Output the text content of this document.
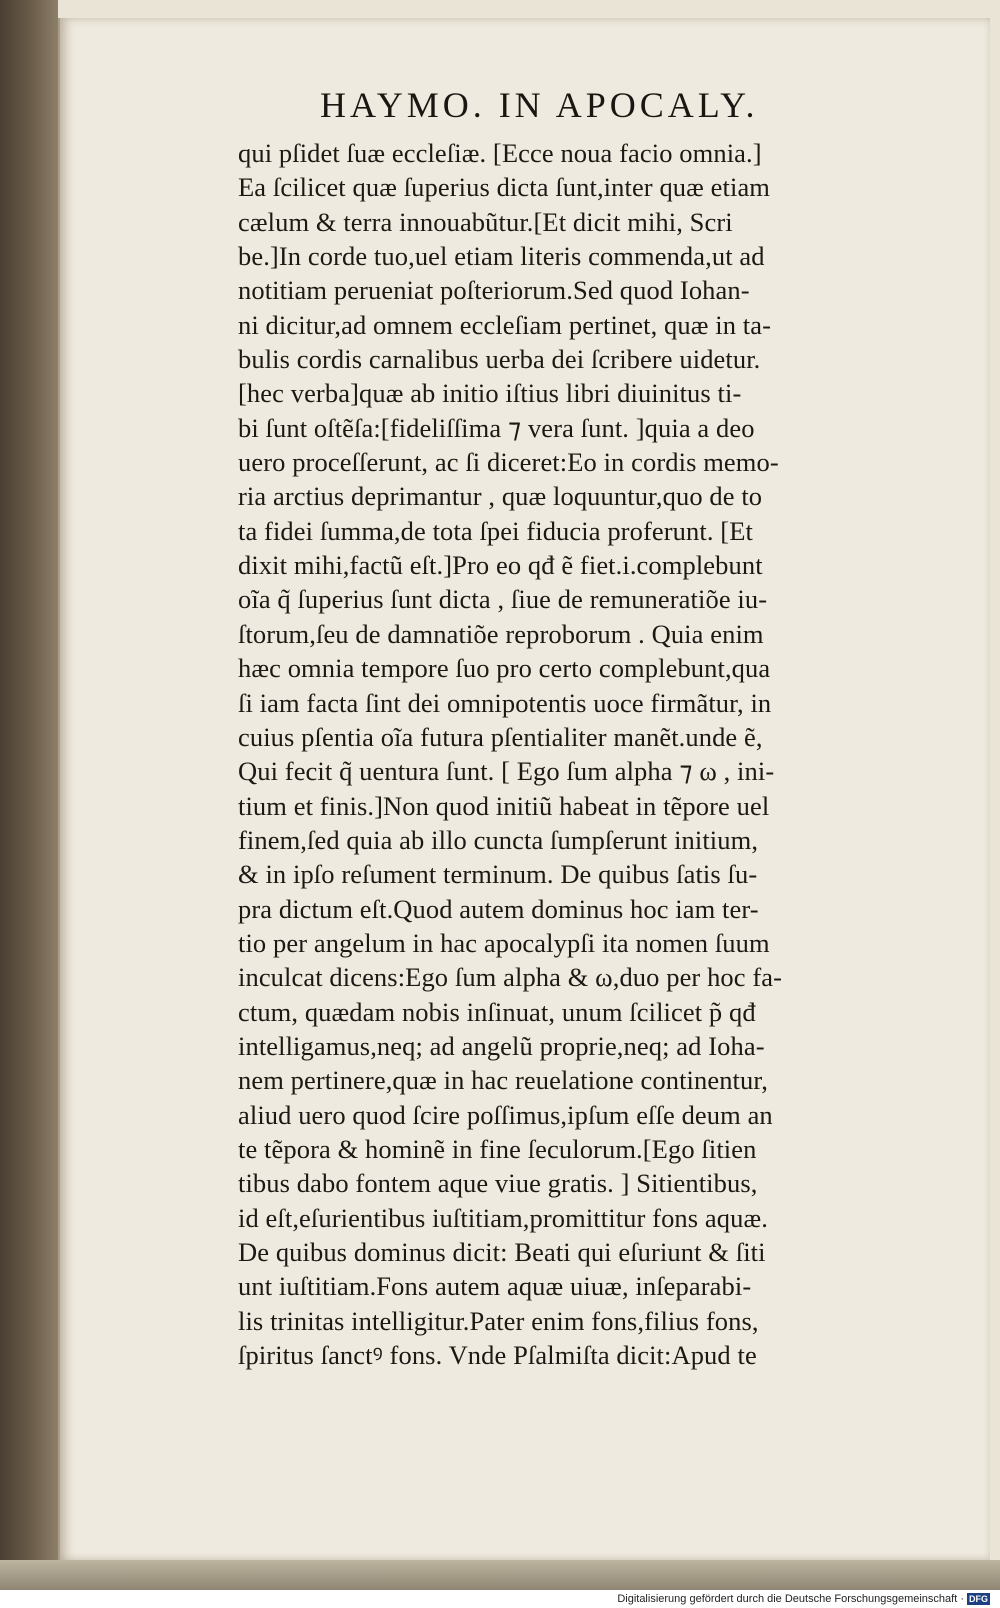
HAYMO. IN APOCALY.
qui pſidet ſuæ eccleſiæ. [Ecce noua facio omnia.]
Ea ſcilicet quæ ſuperius dicta ſunt,inter quæ etiam
cælum & terra innouabũtur.[Et dicit mihi, Scri
be.]In corde tuo,uel etiam literis commenda,ut ad
notitiam perueniat poſteriorum.Sed quod Iohan-
ni dicitur,ad omnem eccleſiam pertinet, quæ in ta-
bulis cordis carnalibus uerba dei ſcribere uidetur.
[hec verba]quæ ab initio iſtius libri diuinitus ti-
bi ſunt oſtẽſa:[fideliſſima ⁊ vera ſunt. ]quia a deo
uero proceſſerunt, ac ſi diceret:Eo in cordis memo-
ria arctius deprimantur , quæ loquuntur,quo de to
ta fidei ſumma,de tota ſpei fiducia proferunt. [Et
dixit mihi,factũ eſt.]Pro eo qđ ẽ fiet.i.complebunt
oĩa q̃ ſuperius ſunt dicta , ſiue de remuneratiõe iu-
ſtorum,ſeu de damnatiõe reproborum . Quia enim
hæc omnia tempore ſuo pro certo complebunt,qua
ſi iam facta ſint dei omnipotentis uoce firmãtur, in
cuius pſentia oĩa futura pſentialiter manẽt.unde ẽ,
Qui fecit q̃ uentura ſunt. [ Ego ſum alpha ⁊ ω , ini-
tium et finis.]Non quod initiũ habeat in tẽpore uel
finem,ſed quia ab illo cuncta ſumpſerunt initium,
& in ipſo reſument terminum. De quibus ſatis ſu-
pra dictum eſt.Quod autem dominus hoc iam ter-
tio per angelum in hac apocalypſi ita nomen ſuum
inculcat dicens:Ego ſum alpha & ω,duo per hoc fa-
ctum, quædam nobis inſinuat, unum ſcilicet p̃ qđ
intelligamus,neq; ad angelũ proprie,neq; ad Ioha-
nem pertinere,quæ in hac reuelatione continentur,
aliud uero quod ſcire poſſimus,ipſum eſſe deum an
te tẽpora & hominẽ in fine ſeculorum.[Ego ſitien
tibus dabo fontem aque viue gratis. ] Sitientibus,
id eſt,eſurientibus iuſtitiam,promittitur fons aquæ.
De quibus dominus dicit: Beati qui eſuriunt & ſiti
unt iuſtitiam.Fons autem aquæ uiuæ, inſeparabi-
lis trinitas intelligitur.Pater enim fons,filius fons,
ſpiritus ſanctꝰ fons. Vnde Pſalmiſta dicit:Apud te
Digitalisierung gefördert durch die Deutsche Forschungsgemeinschaft · DFG
